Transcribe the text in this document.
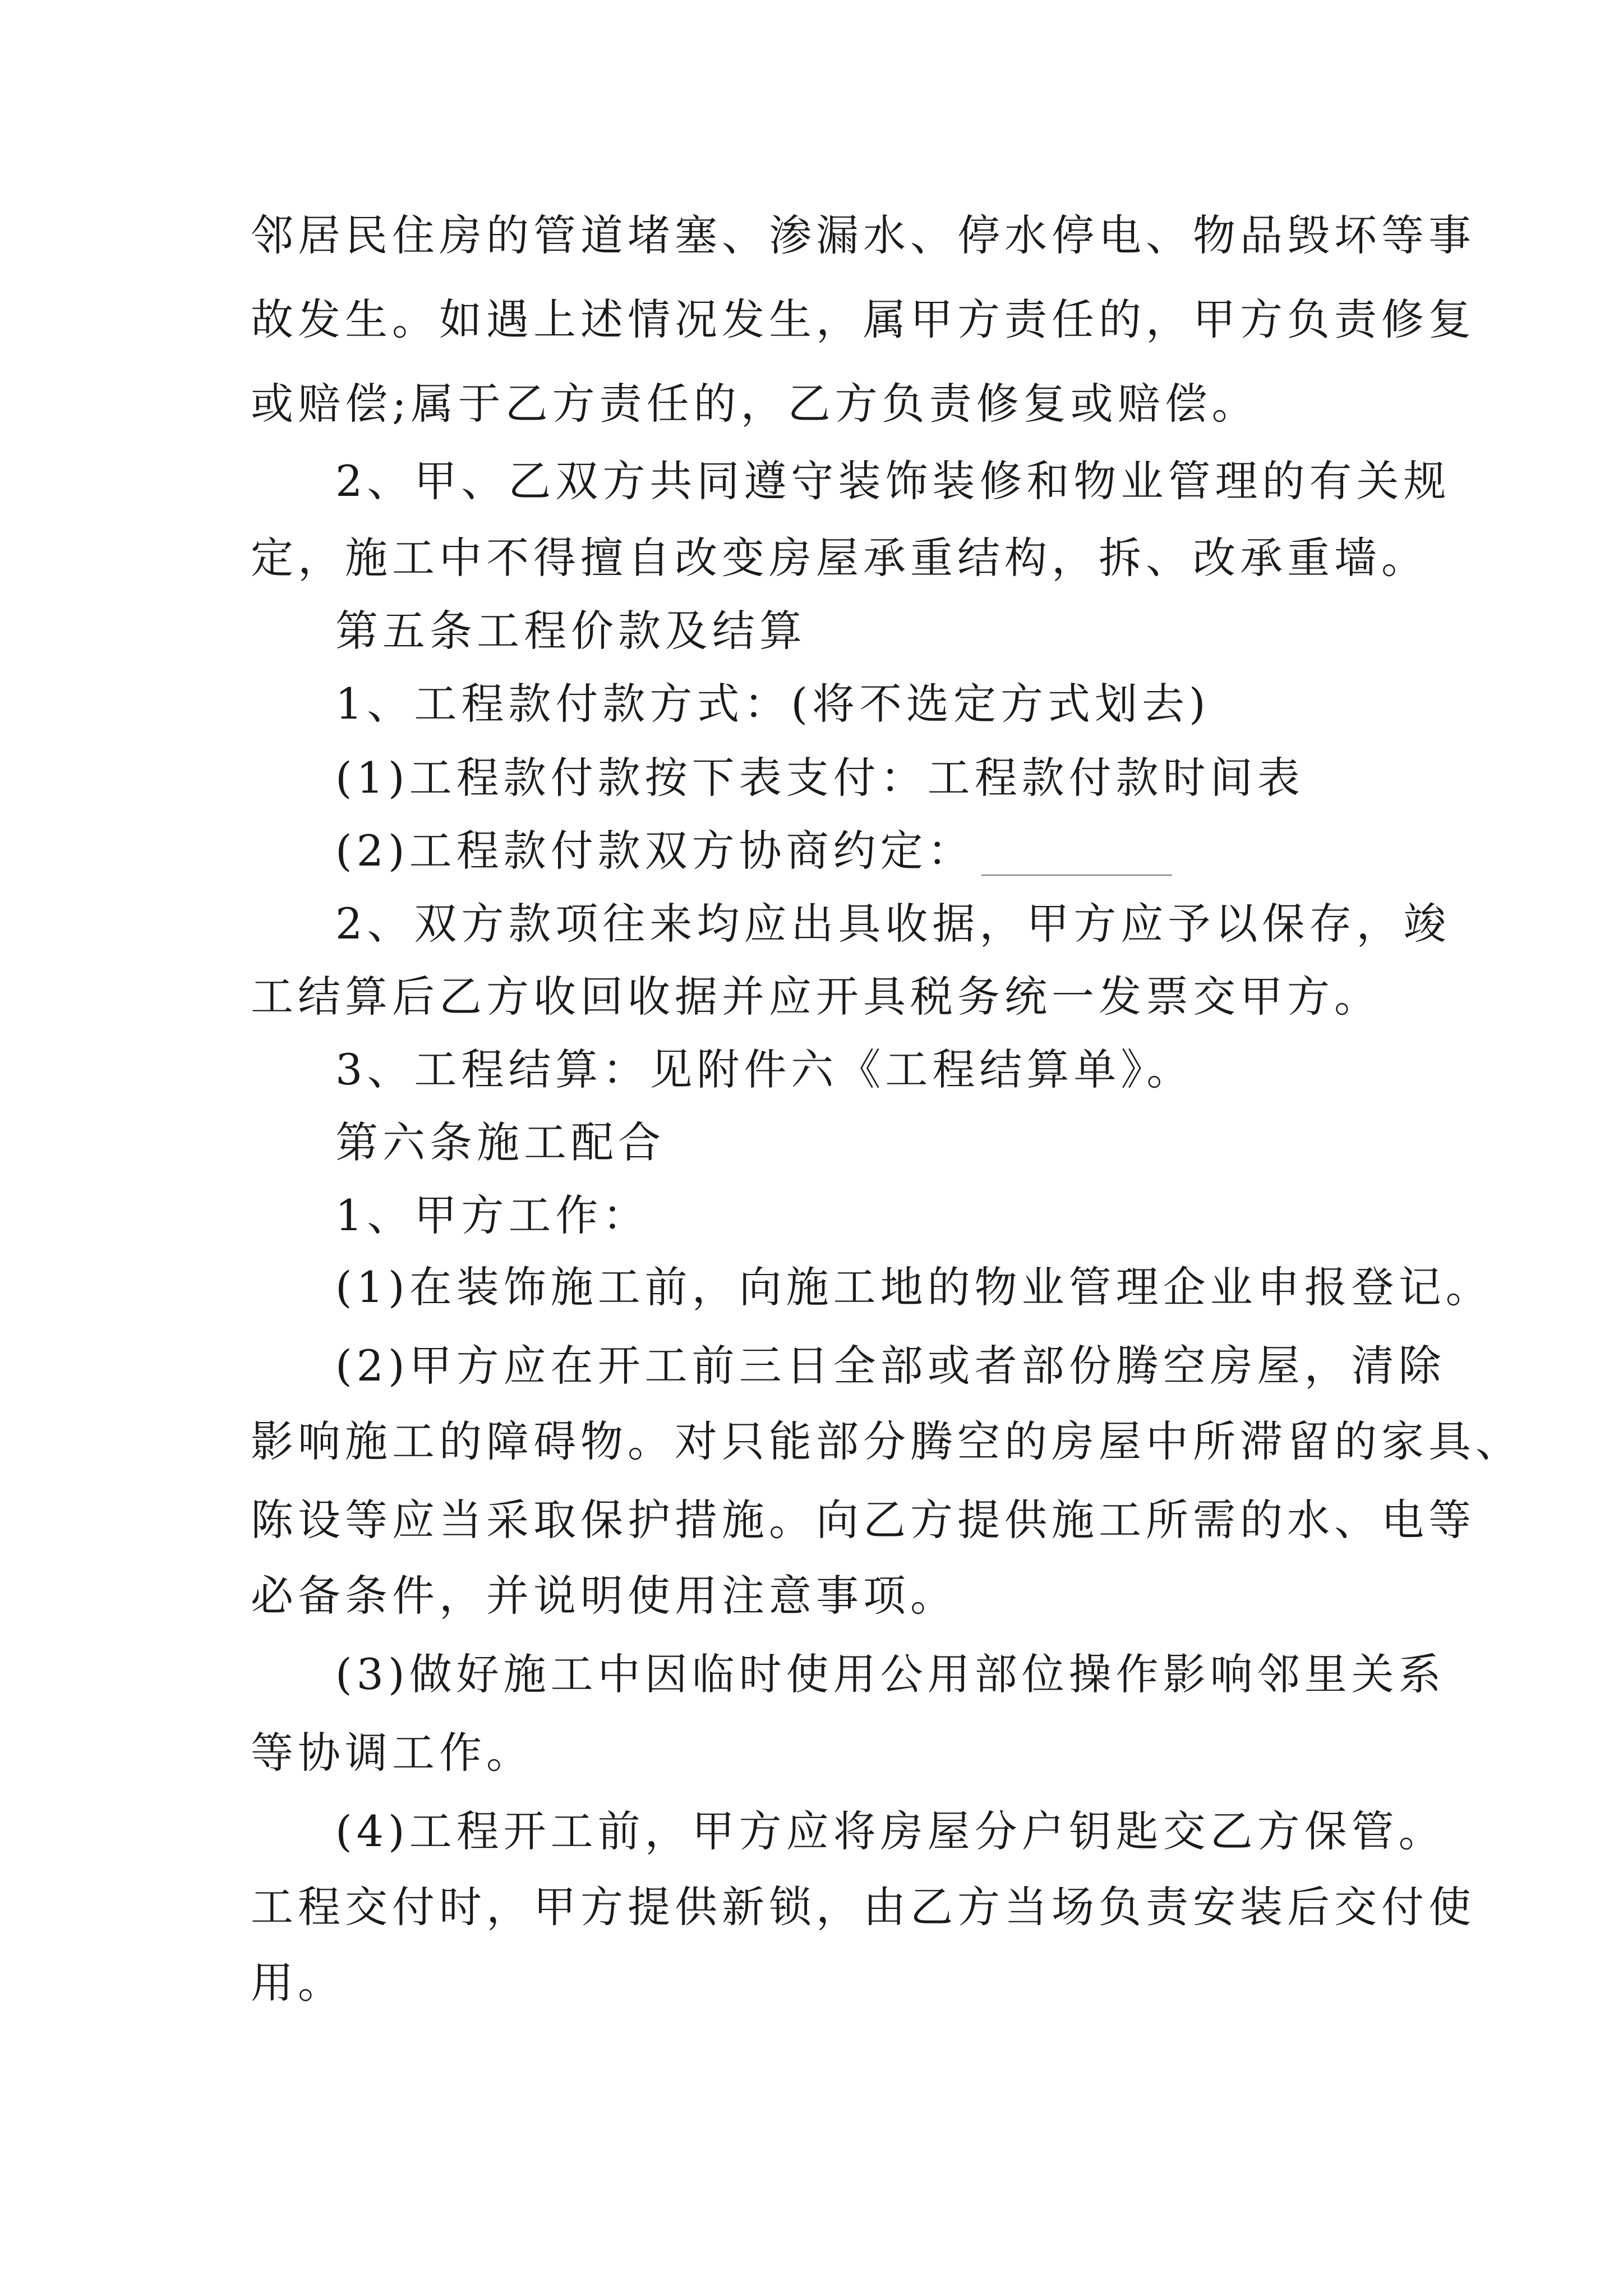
邻居民住房的管道堵塞、渗漏水、停水停电、物品毁坏等事

故发生。如遇上述情况发生，属甲方责任的，甲方负责修复

或赔偿;属于乙方责任的，乙方负责修复或赔偿。

2、甲、乙双方共同遵守装饰装修和物业管理的有关规

定，施工中不得擅自改变房屋承重结构，拆、改承重墙。

第五条工程价款及结算

1、工程款付款方式：(将不选定方式划去)

(1)工程款付款按下表支付：工程款付款时间表

(2)工程款付款双方协商约定：

2、双方款项往来均应出具收据，甲方应予以保存，竣

工结算后乙方收回收据并应开具税务统一发票交甲方。

3、工程结算：见附件六《工程结算单》。

第六条施工配合

1、甲方工作：

(1)在装饰施工前，向施工地的物业管理企业申报登记。

(2)甲方应在开工前三日全部或者部份腾空房屋，清除

影响施工的障碍物。对只能部分腾空的房屋中所滞留的家具、

陈设等应当采取保护措施。向乙方提供施工所需的水、电等

必备条件，并说明使用注意事项。

(3)做好施工中因临时使用公用部位操作影响邻里关系

等协调工作。

(4)工程开工前，甲方应将房屋分户钥匙交乙方保管。

工程交付时，甲方提供新锁，由乙方当场负责安装后交付使

用。
